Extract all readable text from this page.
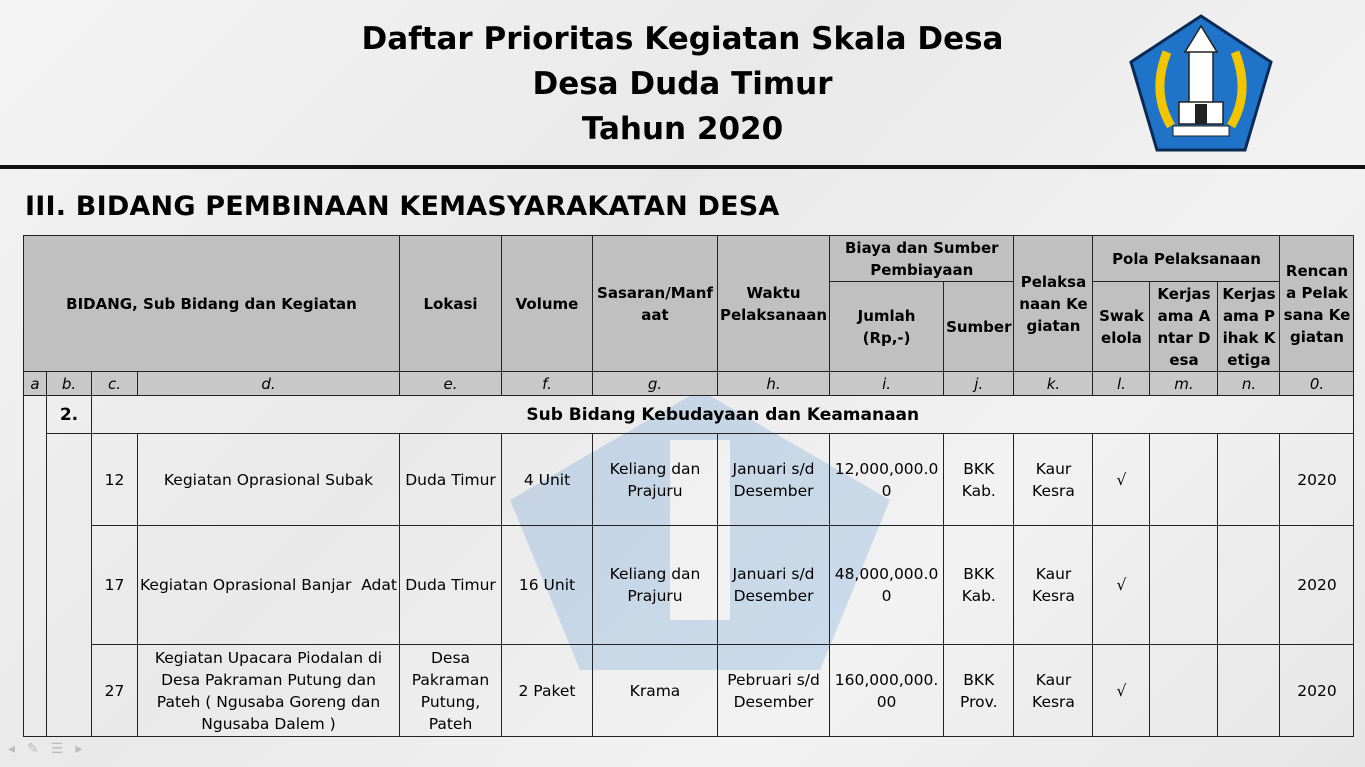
Daftar Prioritas Kegiatan Skala Desa
Desa Duda Timur
Tahun 2020
III. BIDANG PEMBINAAN KEMASYARAKATAN DESA
BIDANG, Sub Bidang dan Kegiatan				Lokasi	Volume	Sasaran/Manfaat	Waktu Pelaksanaan	Biaya dan Sumber Pembiayaan		Pelaksanaan Kegiatan	Pola Pelaksanaan			Rencana Pelaksana Kegiatan
								Jumlah (Rp,-)	Sumber		Swakelola	Kerjasama Antar Desa	Kerjasama Pihak Ketiga	
a	b.	c.	d.	e.	f.	g.	h.	i.	j.	k.	l.	m.	n.	0.
	2.	Sub Bidang Kebudayaan dan Keamanaan												
		12	Kegiatan Oprasional Subak	Duda Timur	4 Unit	Keliang dan Prajuru	Januari s/d Desember	12,000,000.00	BKK Kab.	Kaur Kesra	√			2020
		17	Kegiatan Oprasional Banjar  Adat	Duda Timur	16 Unit	Keliang dan Prajuru	Januari s/d Desember	48,000,000.00	BKK Kab.	Kaur Kesra	√			2020
		27	Kegiatan Upacara Piodalan di Desa Pakraman Putung dan Pateh ( Ngusaba Goreng dan Ngusaba Dalem )	Desa Pakraman Putung, Pateh	2 Paket	Krama	Pebruari s/d Desember	160,000,000.00	BKK Prov.	Kaur Kesra	√			2020
◂✎☰▸
